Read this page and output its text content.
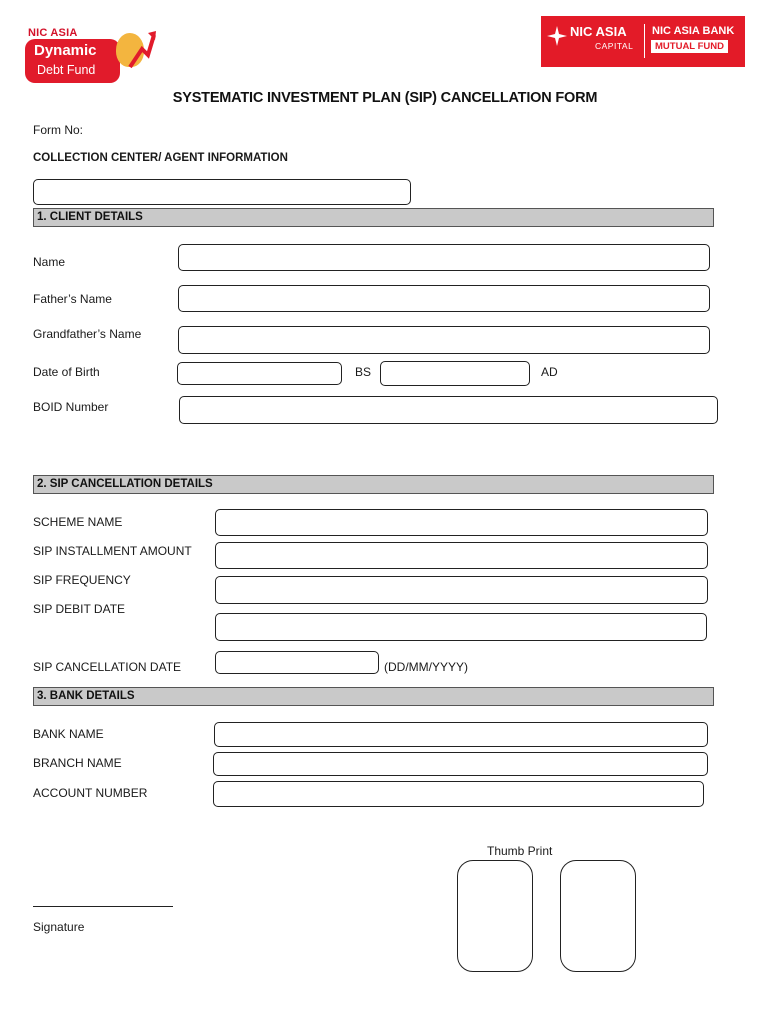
NIC ASIA
Dynamic
Debt Fund
NIC ASIA
CAPITAL
NIC ASIA BANK
MUTUAL FUND
SYSTEMATIC INVESTMENT PLAN (SIP) CANCELLATION FORM
Form No:
COLLECTION CENTER/ AGENT INFORMATION
1. CLIENT DETAILS
Name
Father’s Name
Grandfather’s Name
Date of Birth	BS	AD
BOID Number
2. SIP CANCELLATION DETAILS
SCHEME NAME
SIP INSTALLMENT AMOUNT
SIP FREQUENCY
SIP DEBIT DATE
SIP CANCELLATION DATE	(DD/MM/YYYY)
3. BANK DETAILS
BANK NAME
BRANCH NAME
ACCOUNT NUMBER
Thumb Print
Signature
